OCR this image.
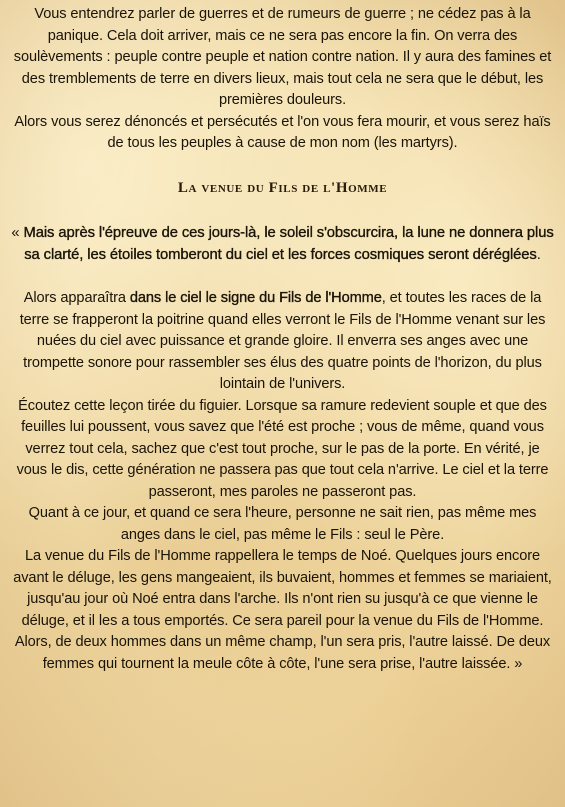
Vous entendrez parler de guerres et de rumeurs de guerre ; ne cédez pas à la panique. Cela doit arriver, mais ce ne sera pas encore la fin. On verra des soulèvements : peuple contre peuple et nation contre nation. Il y aura des famines et des tremblements de terre en divers lieux, mais tout cela ne sera que le début, les premières douleurs.
Alors vous serez dénoncés et persécutés et l'on vous fera mourir, et vous serez haïs de tous les peuples à cause de mon nom (les martyrs).

La venue du Fils de l'Homme

« Mais après l'épreuve de ces jours-là, le soleil s'obscurcira, la lune ne donnera plus sa clarté, les étoiles tomberont du ciel et les forces cosmiques seront déréglées.

Alors apparaîtra dans le ciel le signe du Fils de l'Homme, et toutes les races de la terre se frapperont la poitrine quand elles verront le Fils de l'Homme venant sur les nuées du ciel avec puissance et grande gloire. Il enverra ses anges avec une trompette sonore pour rassembler ses élus des quatre points de l'horizon, du plus lointain de l'univers.
Écoutez cette leçon tirée du figuier. Lorsque sa ramure redevient souple et que des feuilles lui poussent, vous savez que l'été est proche ; vous de même, quand vous verrez tout cela, sachez que c'est tout proche, sur le pas de la porte. En vérité, je vous le dis, cette génération ne passera pas que tout cela n'arrive. Le ciel et la terre passeront, mes paroles ne passeront pas.
Quant à ce jour, et quand ce sera l'heure, personne ne sait rien, pas même mes anges dans le ciel, pas même le Fils : seul le Père.
La venue du Fils de l'Homme rappellera le temps de Noé. Quelques jours encore avant le déluge, les gens mangeaient, ils buvaient, hommes et femmes se mariaient, jusqu'au jour où Noé entra dans l'arche. Ils n'ont rien su jusqu'à ce que vienne le déluge, et il les a tous emportés. Ce sera pareil pour la venue du Fils de l'Homme. Alors, de deux hommes dans un même champ, l'un sera pris, l'autre laissé. De deux femmes qui tournent la meule côte à côte, l'une sera prise, l'autre laissée. »
